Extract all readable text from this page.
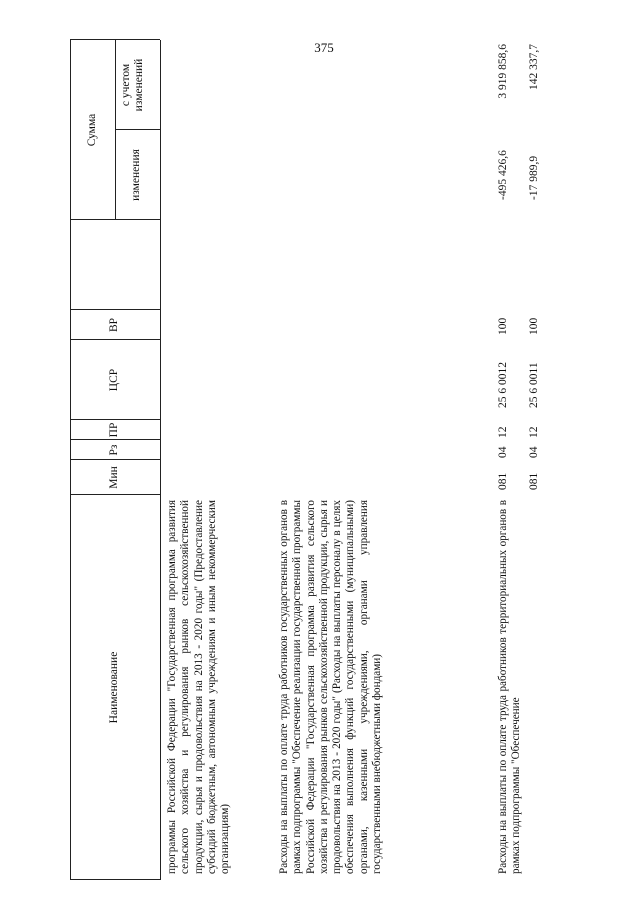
375
Наименование
Мин
Рз
ПР
ЦСР
ВР
Сумма
изменения
с учетом изменений
программы Российской Федерации "Государственная программа развития сельского хозяйства и регулирования рынков сельскохозяйственной продукции, сырья и продовольствия на 2013 - 2020 годы" (Предоставление субсидий бюджетным, автономным учреждениям и иным некоммерческим организациям)	Расходы на выплаты по оплате труда работников государственных органов в рамках подпрограммы "Обеспечение реализации государственной программы Российской Федерации "Государственная программа развития сельского хозяйства и регулирования рынков сельскохозяйственной продукции, сырья и продовольствия на 2013 - 2020 годы" (Расходы на выплаты персоналу в целях обеспечения выполнения функций государственными (муниципальными) органами, казенными учреждениями, органами управления государственными внебюджетными фондами)
081
04
12
25 6 0011
100
-17 989,9
142 337,7
Расходы на выплаты по оплате труда работников территориальных органов в рамках подпрограммы "Обеспечение
081
04
12
25 6 0012
100
-495 426,6
3 919 858,6
